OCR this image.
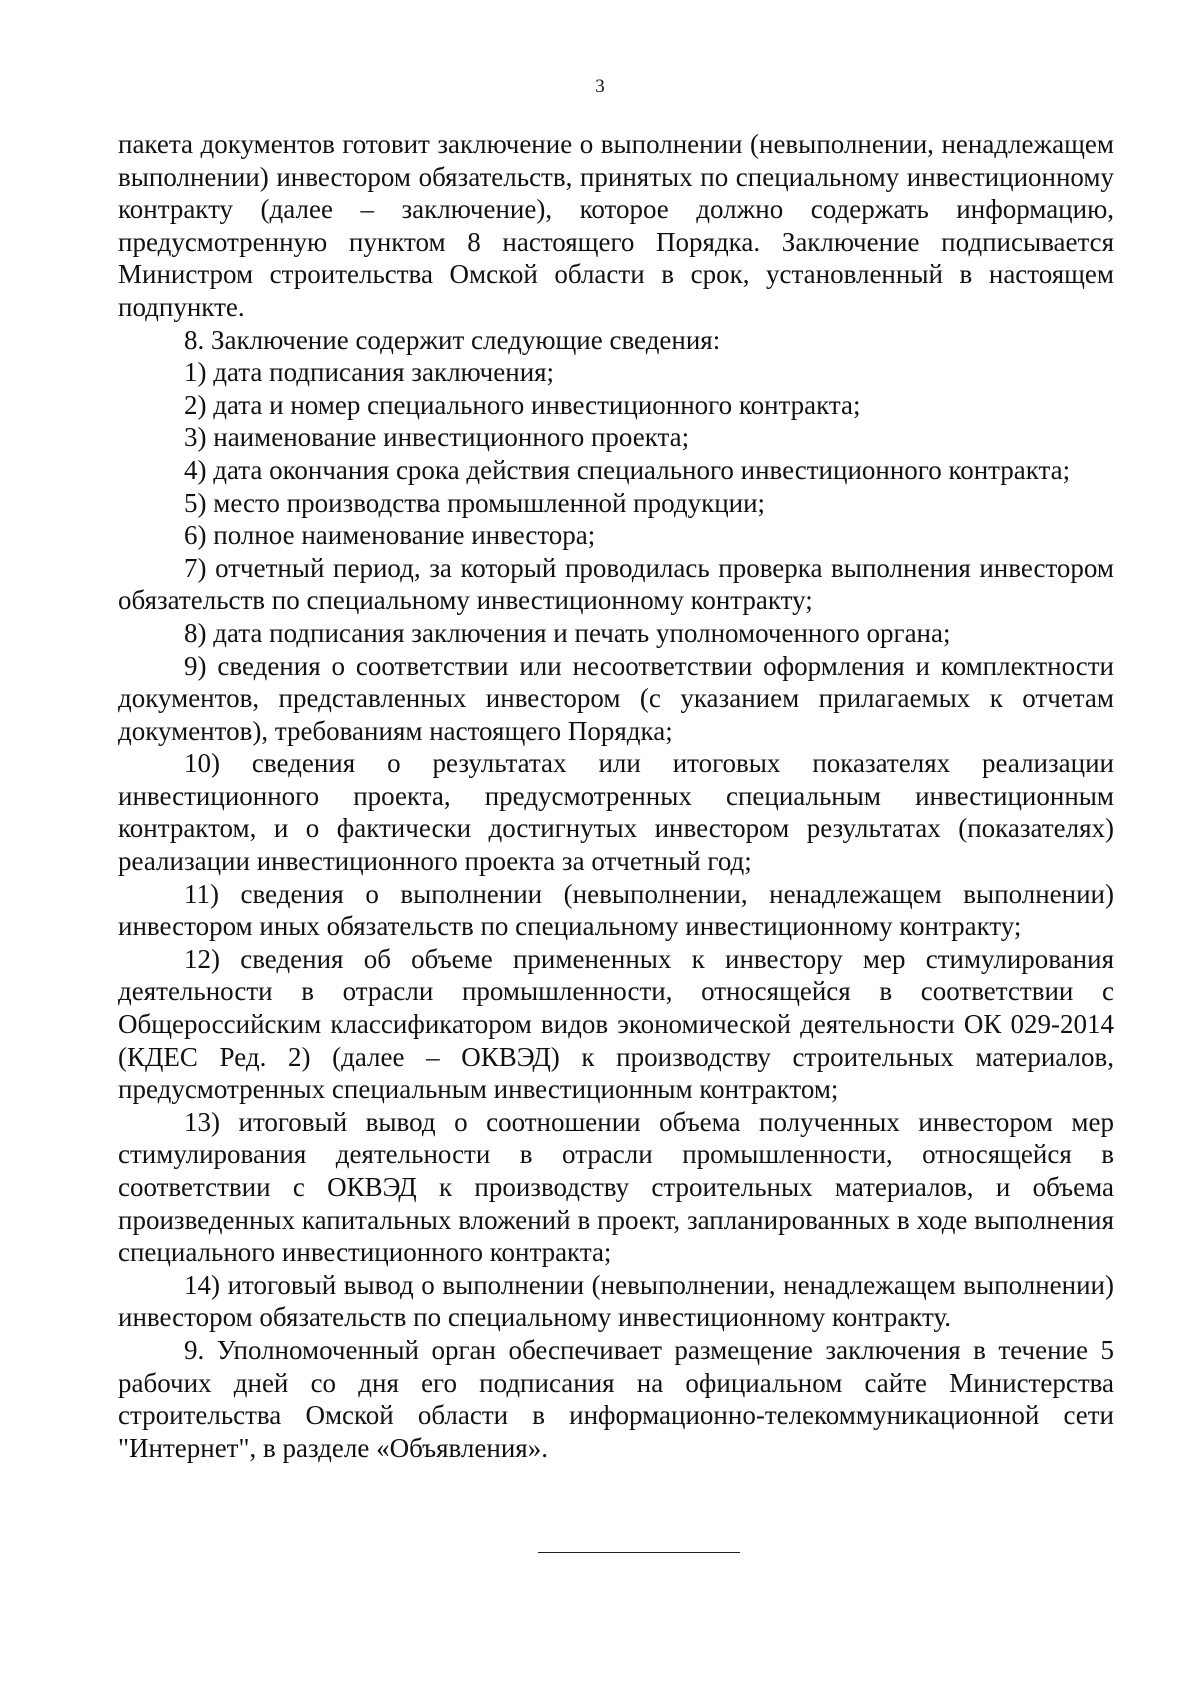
3

пакета документов готовит заключение о выполнении (невыполнении, ненадлежащем выполнении) инвестором обязательств, принятых по специальному инвестиционному контракту (далее – заключение), которое должно содержать информацию, предусмотренную пунктом 8 настоящего Порядка. Заключение подписывается Министром строительства Омской области в срок, установленный в настоящем подпункте.

8. Заключение содержит следующие сведения:

1) дата подписания заключения;

2) дата и номер специального инвестиционного контракта;

3) наименование инвестиционного проекта;

4) дата окончания срока действия специального инвестиционного контракта;

5) место производства промышленной продукции;

6) полное наименование инвестора;

7) отчетный период, за который проводилась проверка выполнения инвестором обязательств по специальному инвестиционному контракту;

8) дата подписания заключения и печать уполномоченного органа;

9) сведения о соответствии или несоответствии оформления и комплектности документов, представленных инвестором (с указанием прилагаемых к отчетам документов), требованиям настоящего Порядка;

10) сведения о результатах или итоговых показателях реализации инвестиционного проекта, предусмотренных специальным инвестиционным контрактом, и о фактически достигнутых инвестором результатах (показателях) реализации инвестиционного проекта за отчетный год;

11) сведения о выполнении (невыполнении, ненадлежащем выполнении) инвестором иных обязательств по специальному инвестиционному контракту;

12) сведения об объеме примененных к инвестору мер стимулирования деятельности в отрасли промышленности, относящейся в соответствии с Общероссийским классификатором видов экономической деятельности ОК 029-2014 (КДЕС Ред. 2) (далее – ОКВЭД) к производству строительных материалов, предусмотренных специальным инвестиционным контрактом;

13) итоговый вывод о соотношении объема полученных инвестором мер стимулирования деятельности в отрасли промышленности, относящейся в соответствии с ОКВЭД к производству строительных материалов, и объема произведенных капитальных вложений в проект, запланированных в ходе выполнения специального инвестиционного контракта;

14) итоговый вывод о выполнении (невыполнении, ненадлежащем выполнении) инвестором обязательств по специальному инвестиционному контракту.

9. Уполномоченный орган обеспечивает размещение заключения в течение 5 рабочих дней со дня его подписания на официальном сайте Министерства строительства Омской области в информационно-телекоммуникационной сети "Интернет", в разделе «Объявления».
